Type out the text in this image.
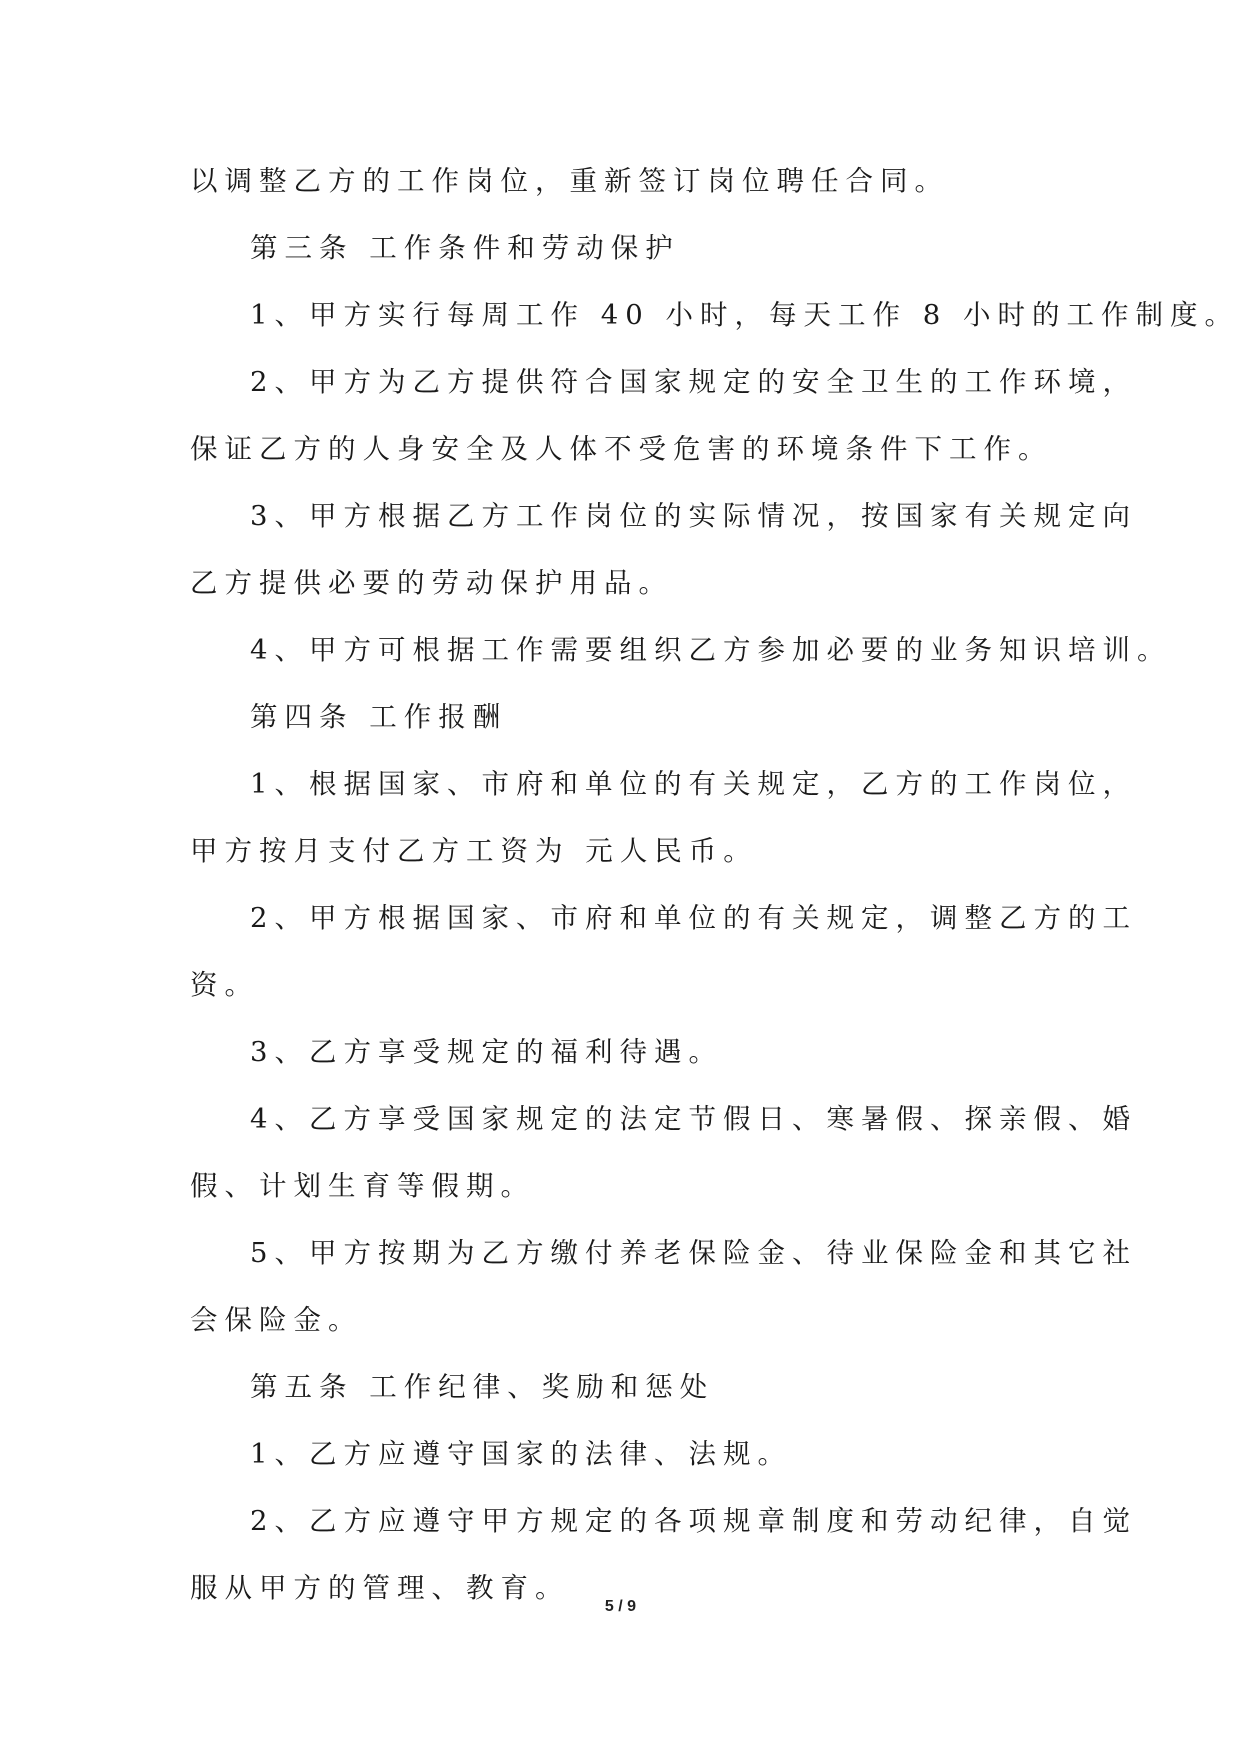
以调整乙方的工作岗位，重新签订岗位聘任合同。
第三条 工作条件和劳动保护
1、甲方实行每周工作 40 小时，每天工作 8 小时的工作制度。
2、甲方为乙方提供符合国家规定的安全卫生的工作环境，
保证乙方的人身安全及人体不受危害的环境条件下工作。
3、甲方根据乙方工作岗位的实际情况，按国家有关规定向
乙方提供必要的劳动保护用品。
4、甲方可根据工作需要组织乙方参加必要的业务知识培训。
第四条 工作报酬
1、根据国家、市府和单位的有关规定，乙方的工作岗位，
甲方按月支付乙方工资为 元人民币。
2、甲方根据国家、市府和单位的有关规定，调整乙方的工
资。
3、乙方享受规定的福利待遇。
4、乙方享受国家规定的法定节假日、寒暑假、探亲假、婚
假、计划生育等假期。
5、甲方按期为乙方缴付养老保险金、待业保险金和其它社
会保险金。
第五条 工作纪律、奖励和惩处
1、乙方应遵守国家的法律、法规。
2、乙方应遵守甲方规定的各项规章制度和劳动纪律，自觉
服从甲方的管理、教育。
5 / 9
